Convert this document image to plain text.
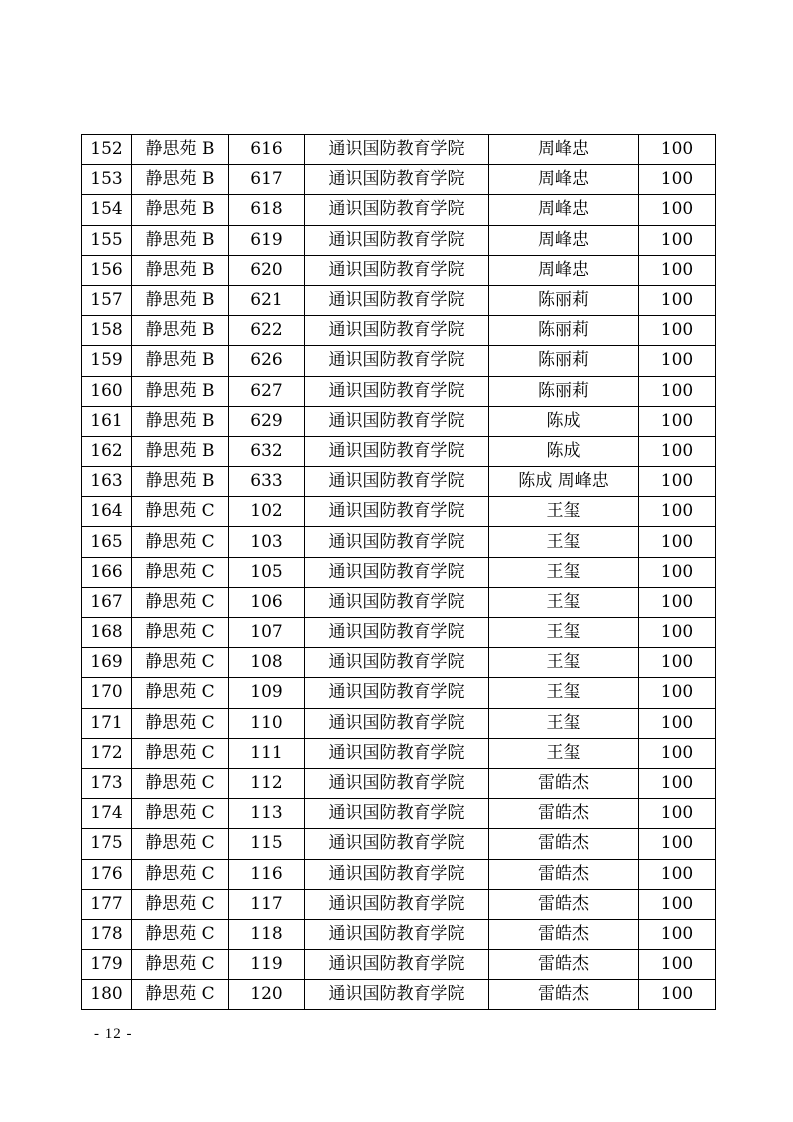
152	静思苑 B	616	通识国防教育学院	周峰忠	100
153	静思苑 B	617	通识国防教育学院	周峰忠	100
154	静思苑 B	618	通识国防教育学院	周峰忠	100
155	静思苑 B	619	通识国防教育学院	周峰忠	100
156	静思苑 B	620	通识国防教育学院	周峰忠	100
157	静思苑 B	621	通识国防教育学院	陈丽莉	100
158	静思苑 B	622	通识国防教育学院	陈丽莉	100
159	静思苑 B	626	通识国防教育学院	陈丽莉	100
160	静思苑 B	627	通识国防教育学院	陈丽莉	100
161	静思苑 B	629	通识国防教育学院	陈成	100
162	静思苑 B	632	通识国防教育学院	陈成	100
163	静思苑 B	633	通识国防教育学院	陈成 周峰忠	100
164	静思苑 C	102	通识国防教育学院	王玺	100
165	静思苑 C	103	通识国防教育学院	王玺	100
166	静思苑 C	105	通识国防教育学院	王玺	100
167	静思苑 C	106	通识国防教育学院	王玺	100
168	静思苑 C	107	通识国防教育学院	王玺	100
169	静思苑 C	108	通识国防教育学院	王玺	100
170	静思苑 C	109	通识国防教育学院	王玺	100
171	静思苑 C	110	通识国防教育学院	王玺	100
172	静思苑 C	111	通识国防教育学院	王玺	100
173	静思苑 C	112	通识国防教育学院	雷皓杰	100
174	静思苑 C	113	通识国防教育学院	雷皓杰	100
175	静思苑 C	115	通识国防教育学院	雷皓杰	100
176	静思苑 C	116	通识国防教育学院	雷皓杰	100
177	静思苑 C	117	通识国防教育学院	雷皓杰	100
178	静思苑 C	118	通识国防教育学院	雷皓杰	100
179	静思苑 C	119	通识国防教育学院	雷皓杰	100
180	静思苑 C	120	通识国防教育学院	雷皓杰	100
- 12 -
